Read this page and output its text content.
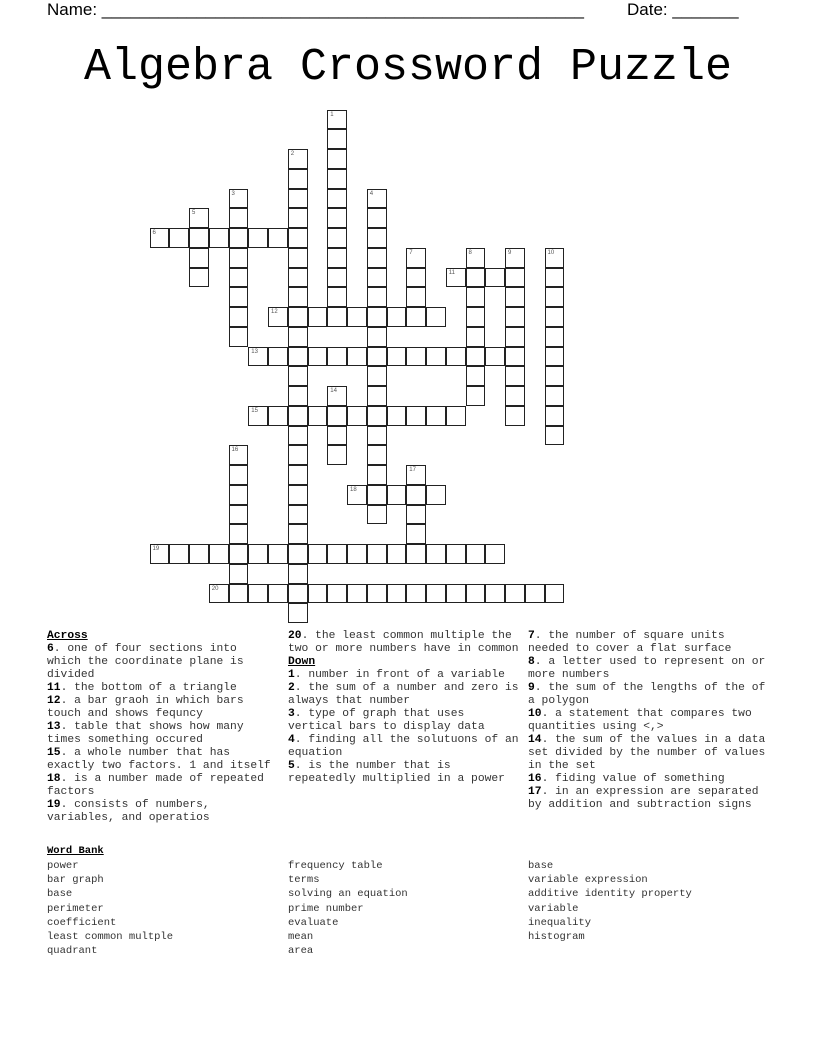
Name: ___________________________________________________	Date: _______
Algebra Crossword Puzzle
6
11
12
13
15
18
19
20
1
2
3	4
5
7	8	9	10
14
16
17
Across
6. one of four sections into which the coordinate plane is divided
11. the bottom of a triangle
12. a bar graoh in which bars touch and shows fequncy
13. table that shows how many times something occured
15. a whole number that has exactly two factors. 1 and itself
18. is a number made of repeated factors
19. consists of numbers, variables, and operatios
20. the least common multiple the two or more numbers have in common
Down
1. number in front of a variable
2. the sum of a number and zero is always that number
3. type of graph that uses vertical bars to display data
4. finding all the solutuons of an equation
5. is the number that is repeatedly multiplied in a power
7. the number of square units needed to cover a flat surface
8. a letter used to represent on or more numbers
9. the sum of the lengths of the of a polygon
10. a statement that compares two quantities using <,>
14. the sum of the values in a data set divided by the number of values in the set
16. fiding value of something
17. in an expression are separated by addition and subtraction signs
Word Bank
power
bar graph
base
perimeter
coefficient
least common multple
quadrant
frequency table
terms
solving an equation
prime number
evaluate
mean
area
base
variable expression
additive identity property
variable
inequality
histogram
